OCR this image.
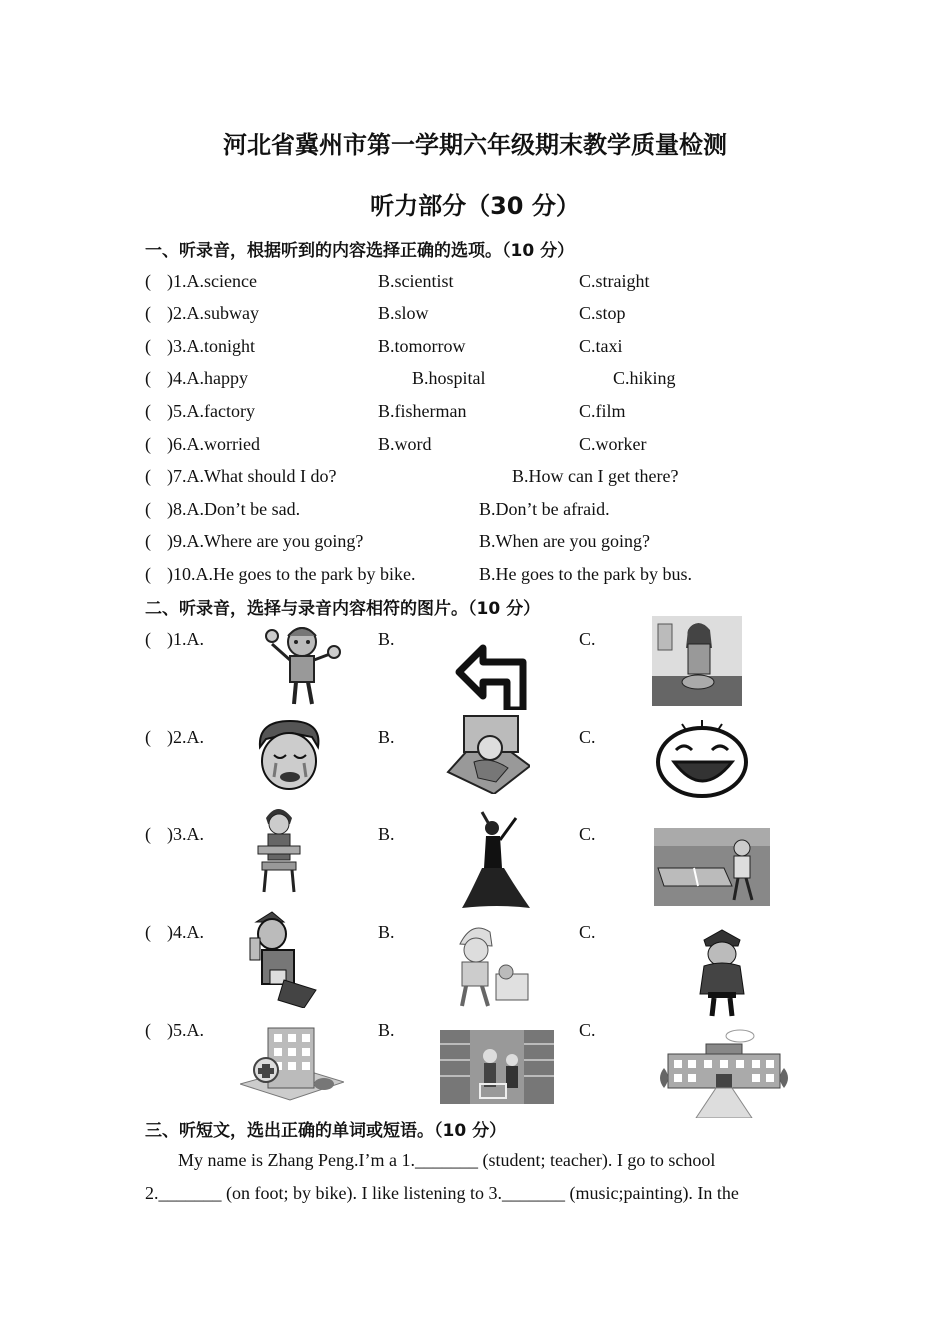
河北省冀州市第一学期六年级期末教学质量检测
听力部分（30 分）
一、听录音，根据听到的内容选择正确的选项。（10 分）
( )1.A.science	B.scientist	C.straight
( )2.A.subway	B.slow	C.stop
( )3.A.tonight	B.tomorrow	C.taxi
( )4.A.happy	B.hospital	C.hiking
( )5.A.factory	B.fisherman	C.film
( )6.A.worried	B.word	C.worker
( )7.A.What should I do?	B.How can I get there?
( )8.A.Don’t be sad.	B.Don’t be afraid.
( )9.A.Where are you going?	B.When are you going?
( )10.A.He goes to the park by bike.	B.He goes to the park by bus.
二、听录音，选择与录音内容相符的图片。（10 分）
( )1.A.	B.	C.
( )2.A.	B.	C.
( )3.A.	B.	C.
( )4.A.	B.	C.
( )5.A.	B.	C.
三、听短文，选出正确的单词或短语。（10 分）
My name is Zhang Peng.I’m a 1._______ (student; teacher). I go to school
2._______ (on foot; by bike). I like listening to 3._______ (music;painting). In the
